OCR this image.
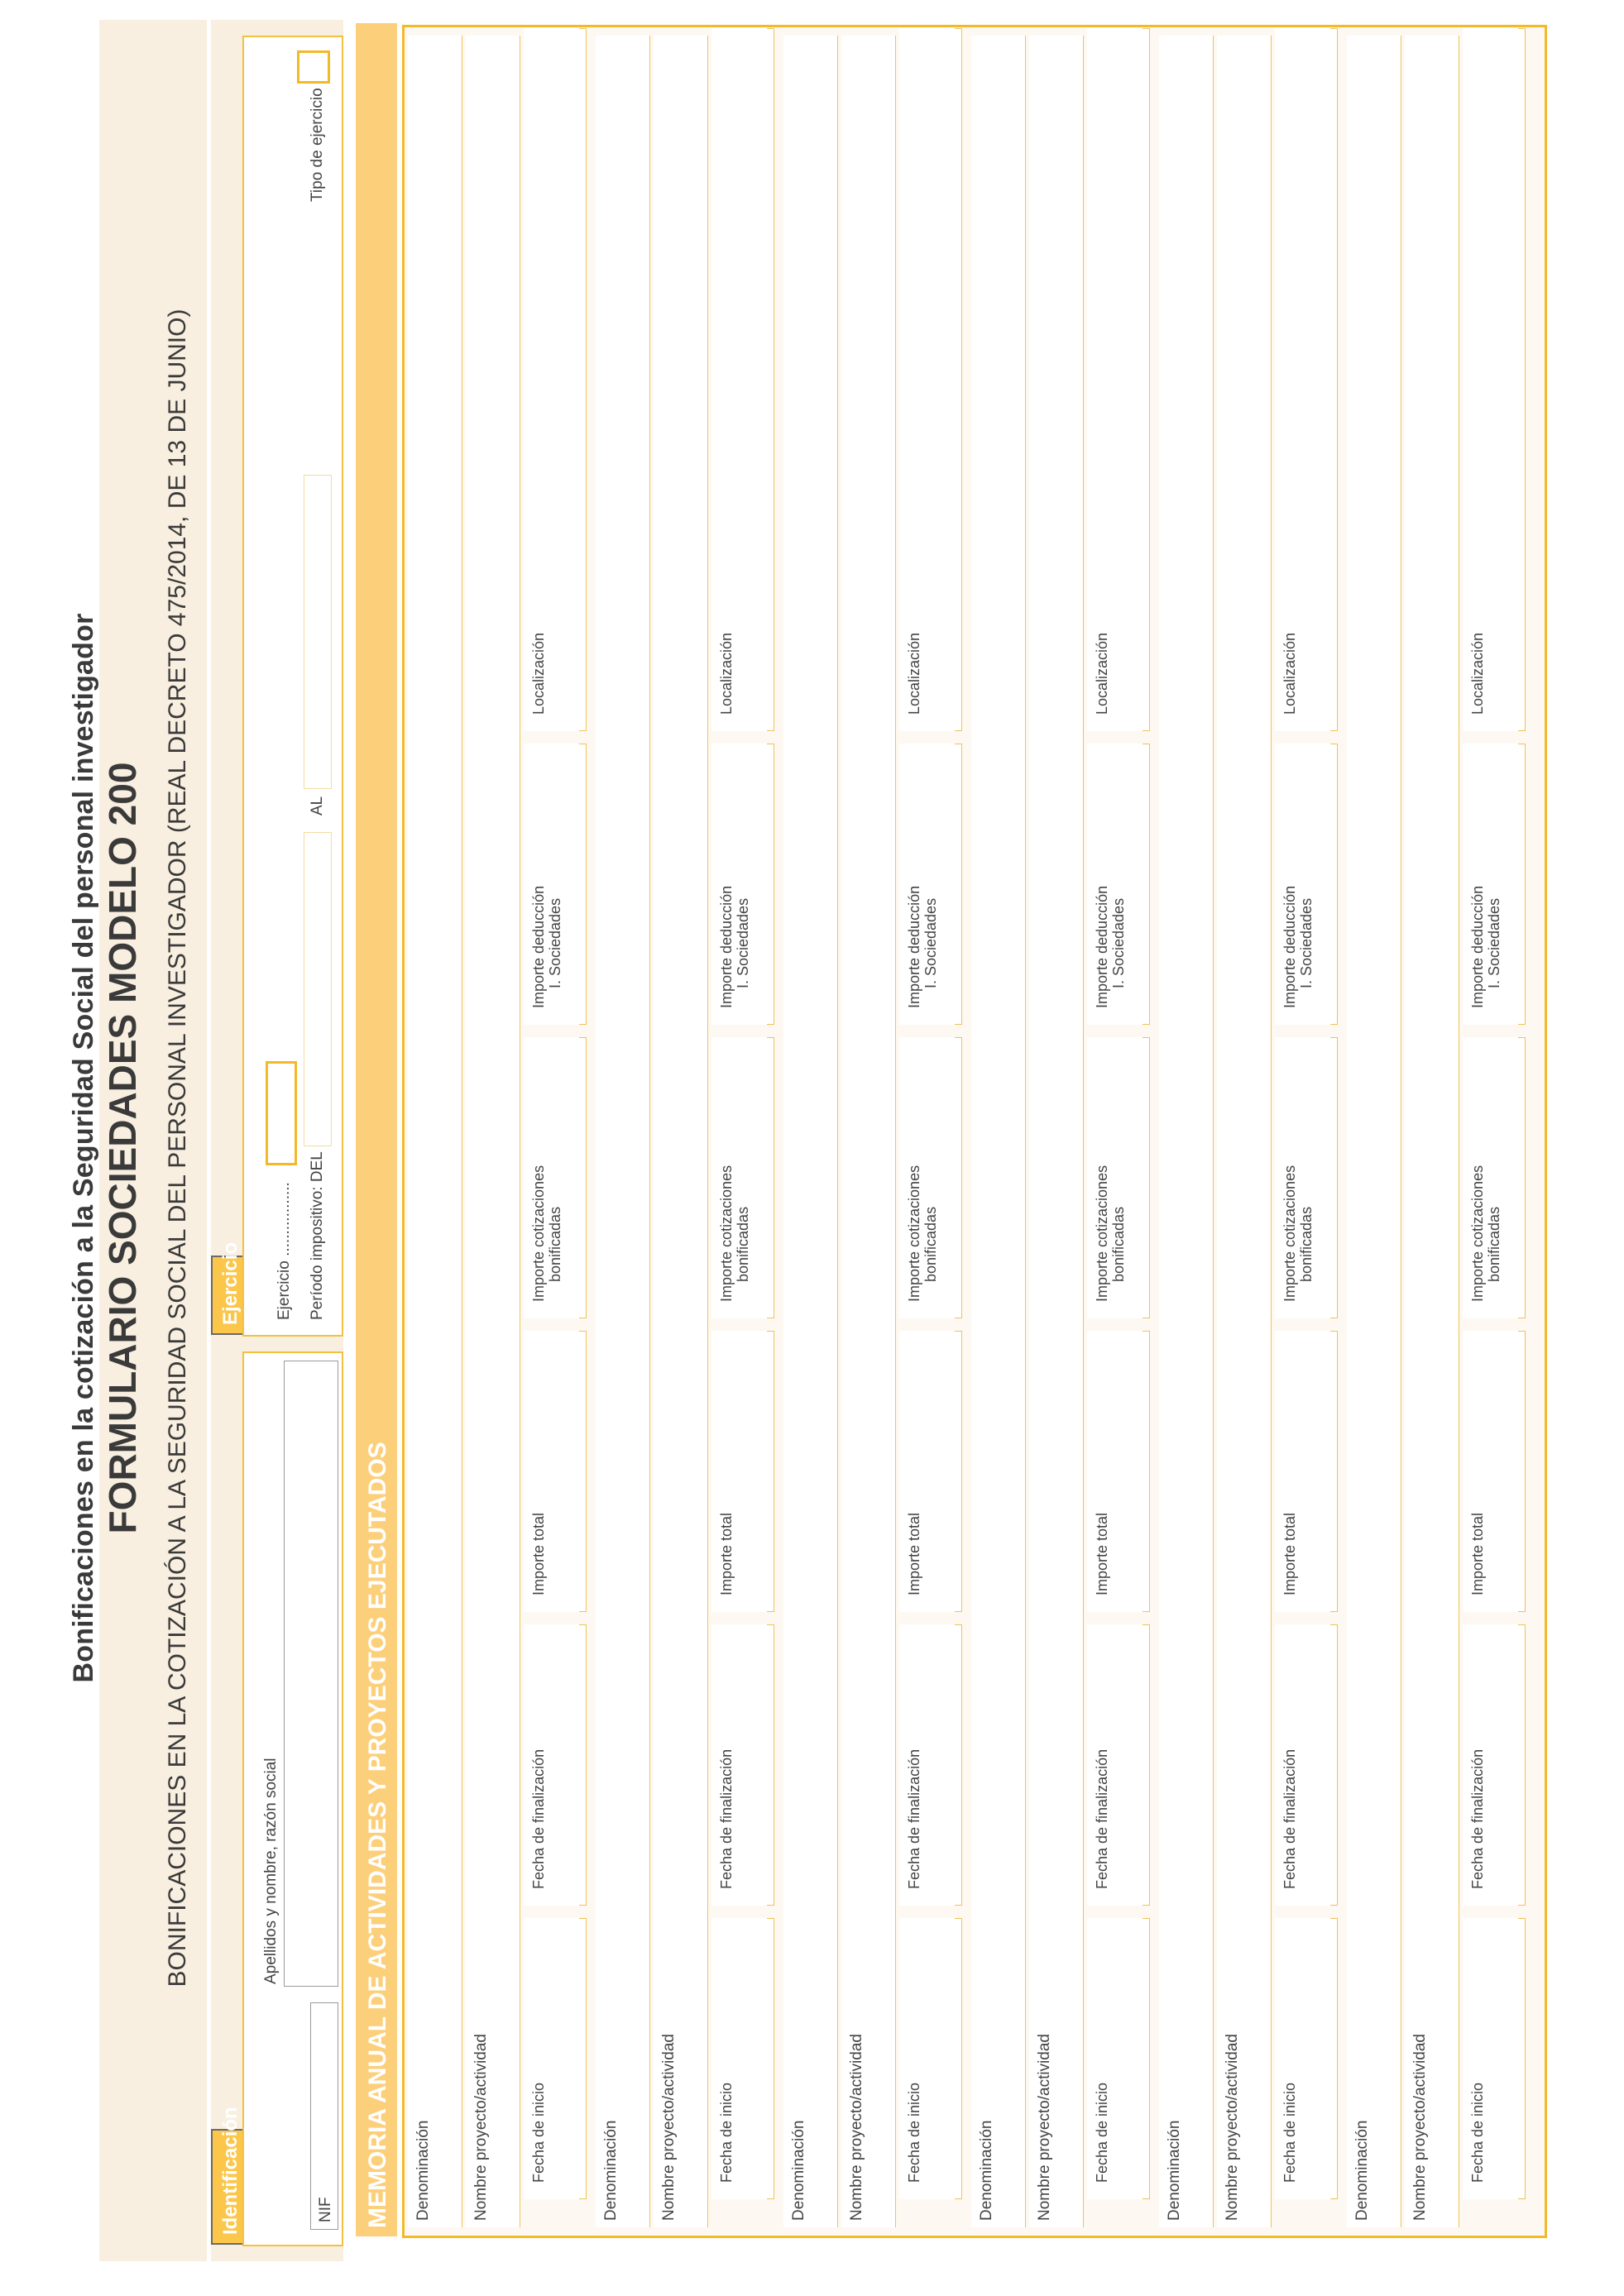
Bonificaciones en la cotización a la Seguridad Social del personal investigador FORMULARIO SOCIEDADES MODELO 200 BONIFICACIONES EN LA COTIZACIÓN A LA SEGURIDAD SOCIAL DEL PERSONAL INVESTIGADOR (REAL DECRETO 475/2014, DE 13 DE JUNIO)
Identificación	NIF
Apellidos y nombre, razón social
Ejercicio Ejercicio ................. Período impositivo: DEL
AL
Tipo de ejercicio
MEMORIA ANUAL DE ACTIVIDADES Y PROYECTOS EJECUTADOS Denominación	Nombre proyecto/actividad	Fecha de inicio
Fecha de finalización
Importe total
Importe cotizaciones bonificadas
Importe deducción I. Sociedades
Localización
Denominación	Nombre proyecto/actividad	Fecha de inicio
Fecha de finalización
Importe total
Importe cotizaciones bonificadas
Importe deducción I. Sociedades
Localización
Denominación	Nombre proyecto/actividad	Fecha de inicio
Fecha de finalización
Importe total
Importe cotizaciones bonificadas
Importe deducción I. Sociedades
Localización
Denominación	Nombre proyecto/actividad	Fecha de inicio
Fecha de finalización
Importe total
Importe cotizaciones bonificadas
Importe deducción I. Sociedades
Localización
Denominación	Nombre proyecto/actividad	Fecha de inicio
Fecha de finalización
Importe total
Importe cotizaciones bonificadas
Importe deducción I. Sociedades
Localización
Denominación	Nombre proyecto/actividad	Fecha de inicio
Fecha de finalización
Importe total
Importe cotizaciones bonificadas
Importe deducción I. Sociedades
Localización
